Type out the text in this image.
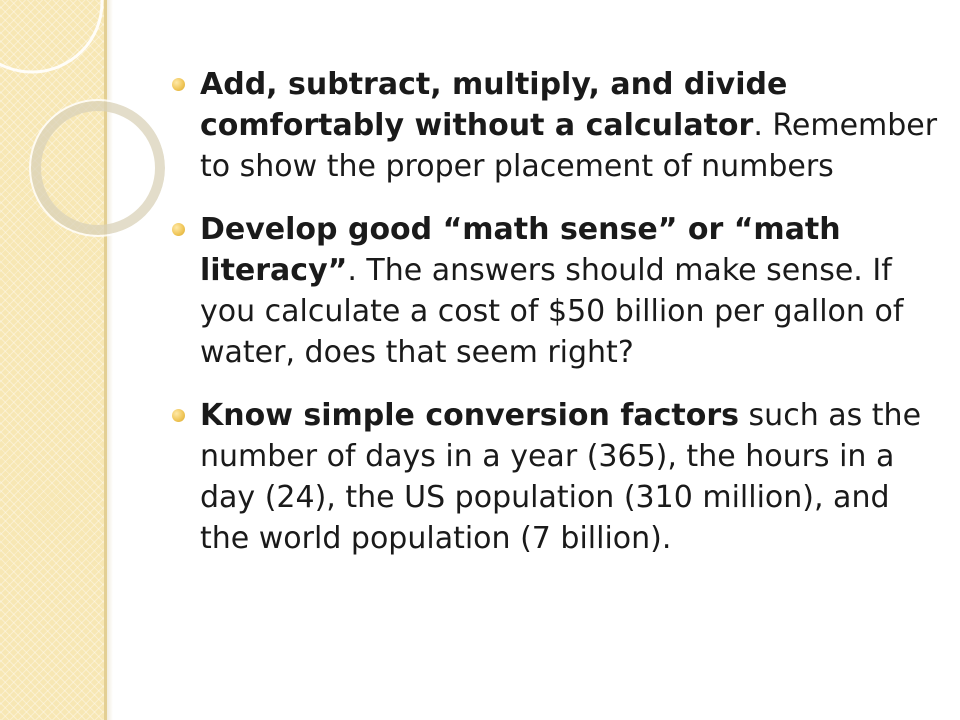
Add, subtract, multiply, and divide comfortably without a calculator. Remember to show the proper placement of numbers
Develop good “math sense” or “math literacy”. The answers should make sense. If you calculate a cost of $50 billion per gallon of water, does that seem right?
Know simple conversion factors such as the number of days in a year (365), the hours in a day (24), the US population (310 million), and the world population (7 billion).
